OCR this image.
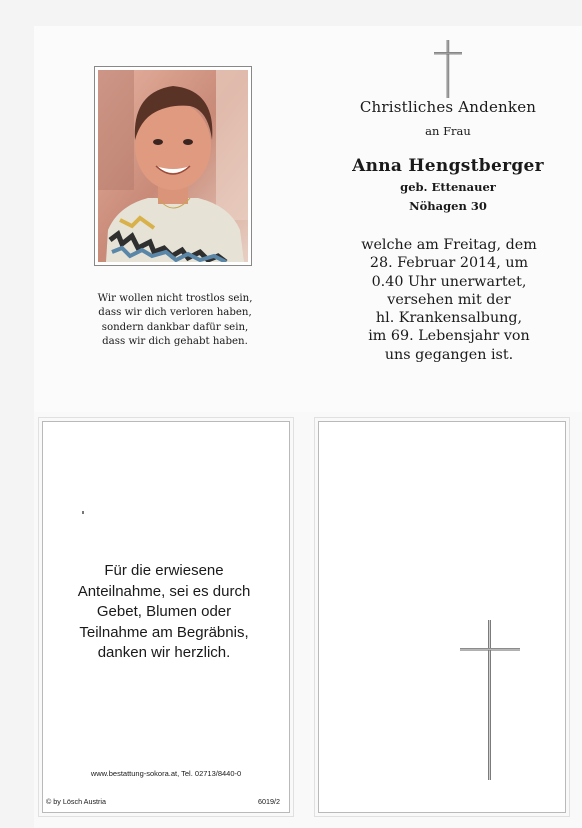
Wir wollen nicht trostlos sein,
dass wir dich verloren haben,
sondern dankbar dafür sein,
dass wir dich gehabt haben.
Christliches Andenken
an Frau
Anna Hengstberger
geb. Ettenauer
Nöhagen 30
welche am Freitag, dem
28. Februar 2014, um
0.40 Uhr unerwartet,
versehen mit der
hl. Krankensalbung,
im 69. Lebensjahr von
uns gegangen ist.
Für die erwiesene
Anteilnahme, sei es durch
Gebet, Blumen oder
Teilnahme am Begräbnis,
danken wir herzlich.
www.bestattung-sokora.at, Tel. 02713/8440-0
© by Lösch Austria	6019/2
